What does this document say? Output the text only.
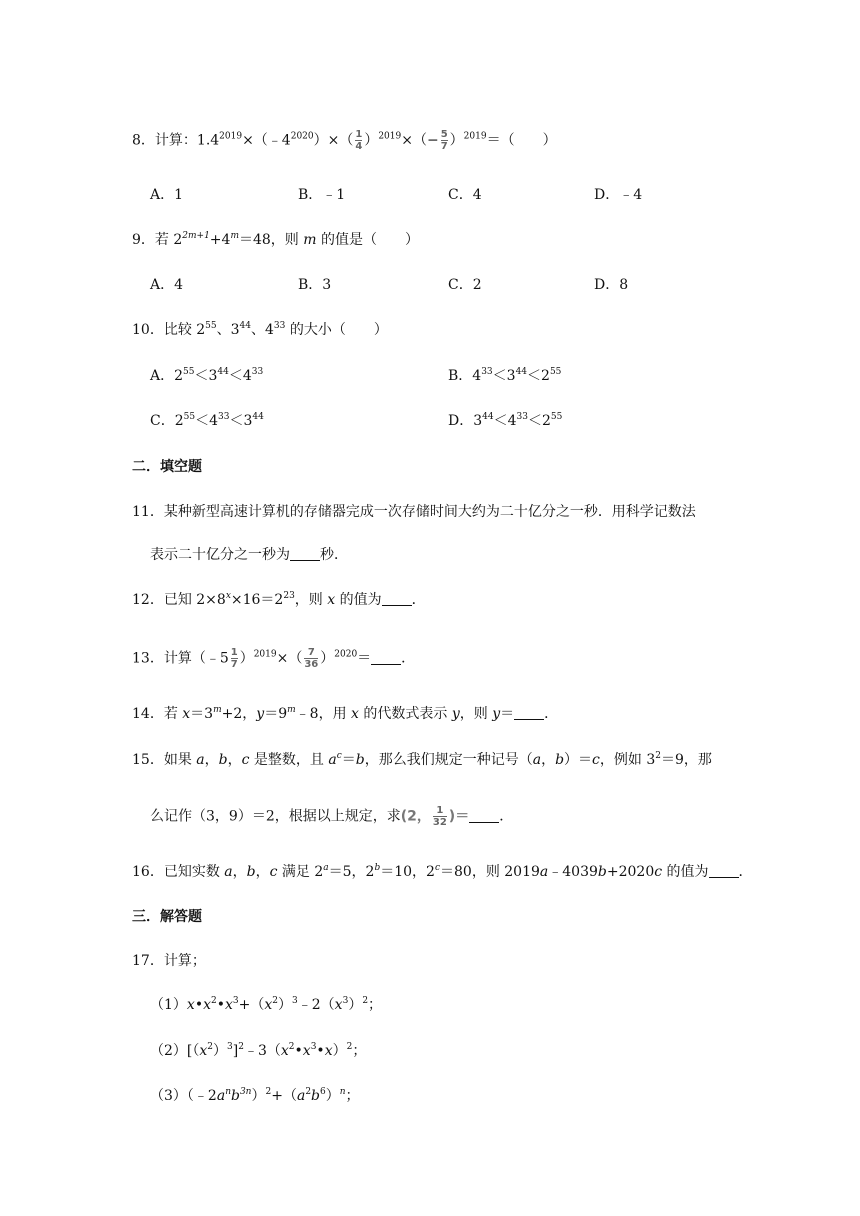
8．计算：$1.4^{2019}\times(﹣4^{2020})\times( \frac{1}{4} )^{2019}\times(- \frac{5}{7} )^{2019}=$（　　）
A．1	B．﹣1	C．4	D．﹣4
9．若 $2^{2m+1}+4^m=48$，则 m 的值是（　　）
A．4	B．3	C．2	D．8
10．比较 $2^{55}$、$3^{44}$、$4^{33}$ 的大小（　　）
A．$2^{55}<3^{44}<4^{33}$	B．$4^{33}<3^{44}<2^{55}$
C．$2^{55}<4^{33}<3^{44}$	D．$3^{44}<4^{33}<2^{55}$
二．填空题
11．某种新型高速计算机的存储器完成一次存储时间大约为二十亿分之一秒．用科学记数法
表示二十亿分之一秒为 秒．
12．已知 $2\times 8^x\times 16=2^{23}$，则 x 的值为 ．
13．计算（﹣5 $\frac{1}{7} )^{2019}\times( \frac{7}{36} )^{2020}=$ ．
14．若 $x=3^m+2$，$y=9^m﹣8$，用 x 的代数式表示 y，则 y＝ ．
15．如果 a，b，c 是整数，且 $a^c=b$，那么我们规定一种记号（a，b）＝c，例如 $3^2=9$，那
么记作（3，9）＝2，根据以上规定，求(2， $\frac{1}{32}$ )＝ ．
16．已知实数 a，b，c 满足 $2^a=5$，$2^b=10$，$2^c=80$，则 2019a﹣4039b+2020c 的值为 ．
三．解答题
17．计算；
$(1)x•x^2•x^3+(x^2)^3﹣2(x^3)^2$；
$(2)[(x^2)^3]^2﹣3(x^2•x^3•x)^2$；
$(3)(﹣2a^nb^{3n})^2+(a^2b^6)^n$；
